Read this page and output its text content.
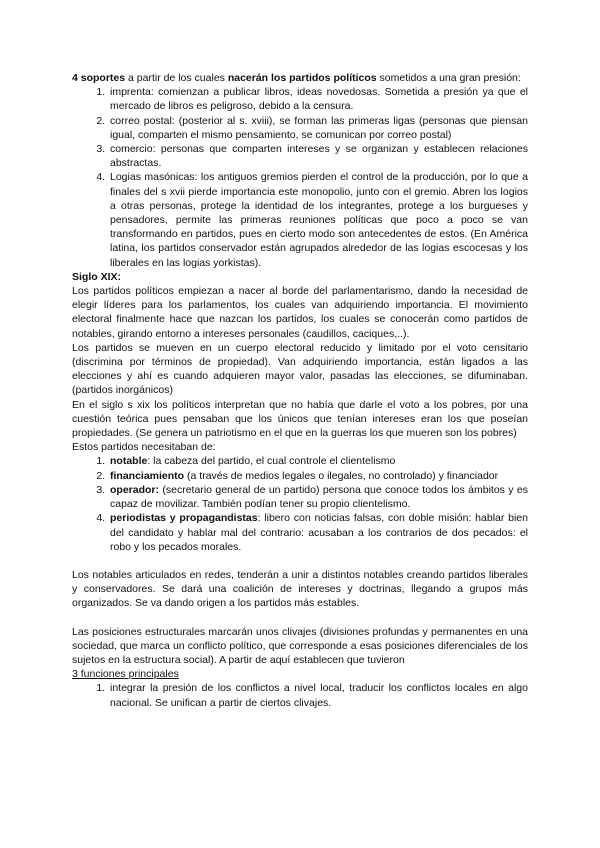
4 soportes a partir de los cuales nacerán los partidos políticos sometidos a una gran presión:

1. imprenta: comienzan a publicar libros, ideas novedosas. Sometida a presión ya que el mercado de libros es peligroso, debido a la censura.
2. correo postal: (posterior al s. xviii), se forman las primeras ligas (personas que piensan igual, comparten el mismo pensamiento, se comunican por correo postal)
3. comercio: personas que comparten intereses y se organizan y establecen relaciones abstractas.
4. Logias masónicas: los antiguos gremios pierden el control de la producción, por lo que a finales del s xvii pierde importancia este monopolio, junto con el gremio. Abren los logios a otras personas, protege la identidad de los integrantes, protege a los burgueses y pensadores, permite las primeras reuniones políticas que poco a poco se van transformando en partidos, pues en cierto modo son antecedentes de estos. (En América latina, los partidos conservador están agrupados alrededor de las logias escocesas y los liberales en las logias yorkistas).

Siglo XIX:

Los partidos políticos empiezan a nacer al borde del parlamentarismo, dando la necesidad de elegir líderes para los parlamentos, los cuales van adquiriendo importancia. El movimiento electoral finalmente hace que nazcan los partidos, los cuales se conocerán como partidos de notables, girando entorno a intereses personales (caudillos, caciques,..).

Los partidos se mueven en un cuerpo electoral reducido y limitado por el voto censitario (discrimina por términos de propiedad). Van adquiriendo importancia, están ligados a las elecciones y ahí es cuando adquieren mayor valor, pasadas las elecciones, se difuminaban. (partidos inorgánicos)

En el siglo s xix los políticos interpretan que no había que darle el voto a los pobres, por una cuestión teórica pues pensaban que los únicos que tenían intereses eran los que poseían propiedades. (Se genera un patriotismo en el que en la guerras los que mueren son los pobres)

Estos partidos necesitaban de:

1. notable: la cabeza del partido, el cual controle el clientelismo
2. financiamiento (a través de medios legales o ilegales, no controlado) y financiador
3. operador: (secretario general de un partido) persona que conoce todos los ámbitos y es capaz de movilizar. También podían tener su propio clientelismo.
4. periodistas y propagandistas: libero con noticias falsas, con doble misión: hablar bien del candidato y hablar mal del contrario: acusaban a los contrarios de dos pecados: el robo y los pecados morales.

Los notables articulados en redes, tenderán a unir a distintos notables creando partidos liberales y conservadores. Se dará una coalición de intereses y doctrinas, llegando a grupos más organizados. Se va dando origen a los partidos más estables.

Las posiciones estructurales marcarán unos clivajes (divisiones profundas y permanentes en una sociedad, que marca un conflicto político, que corresponde a esas posiciones diferenciales de los sujetos en la estructura social). A partir de aquí establecen que tuvieron

3 funciones principales

1. integrar la presión de los conflictos a nivel local, traducir los conflictos locales en algo nacional. Se unifican a partir de ciertos clivajes.
